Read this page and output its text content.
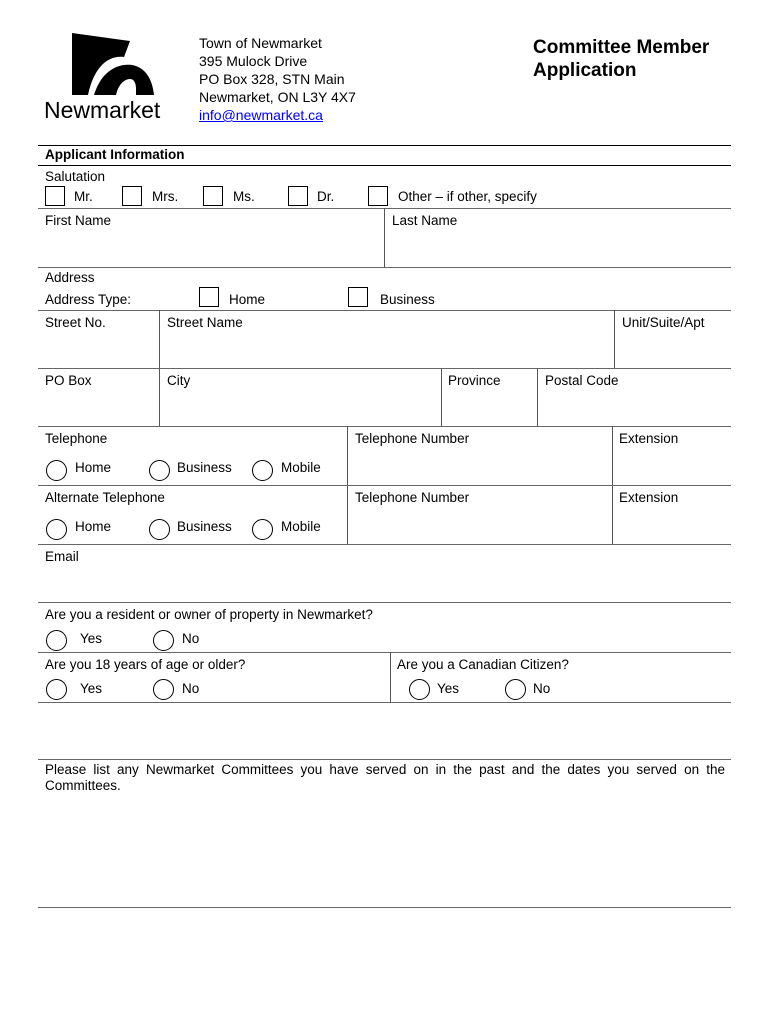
Newmarket
Town of Newmarket
395 Mulock Drive
PO Box 328, STN Main
Newmarket, ON L3Y 4X7
info@newmarket.ca
Committee Member
Application
Applicant Information
Salutation
Mr.	Mrs.	Ms.	Dr.	Other – if other, specify
First Name	Last Name
Address
Address Type:	Home	Business
Street No.	Street Name	Unit/Suite/Apt
PO Box	City	Province	Postal Code
Telephone	Telephone Number	Extension
Home	Business	Mobile
Alternate Telephone	Telephone Number	Extension
Home	Business	Mobile
Email
Are you a resident or owner of property in Newmarket?
Yes	No
Are you 18 years of age or older?	Are you a Canadian Citizen?
Yes	No	Yes	No
Please list any Newmarket Committees you have served on in the past and the dates you served on the Committees.
